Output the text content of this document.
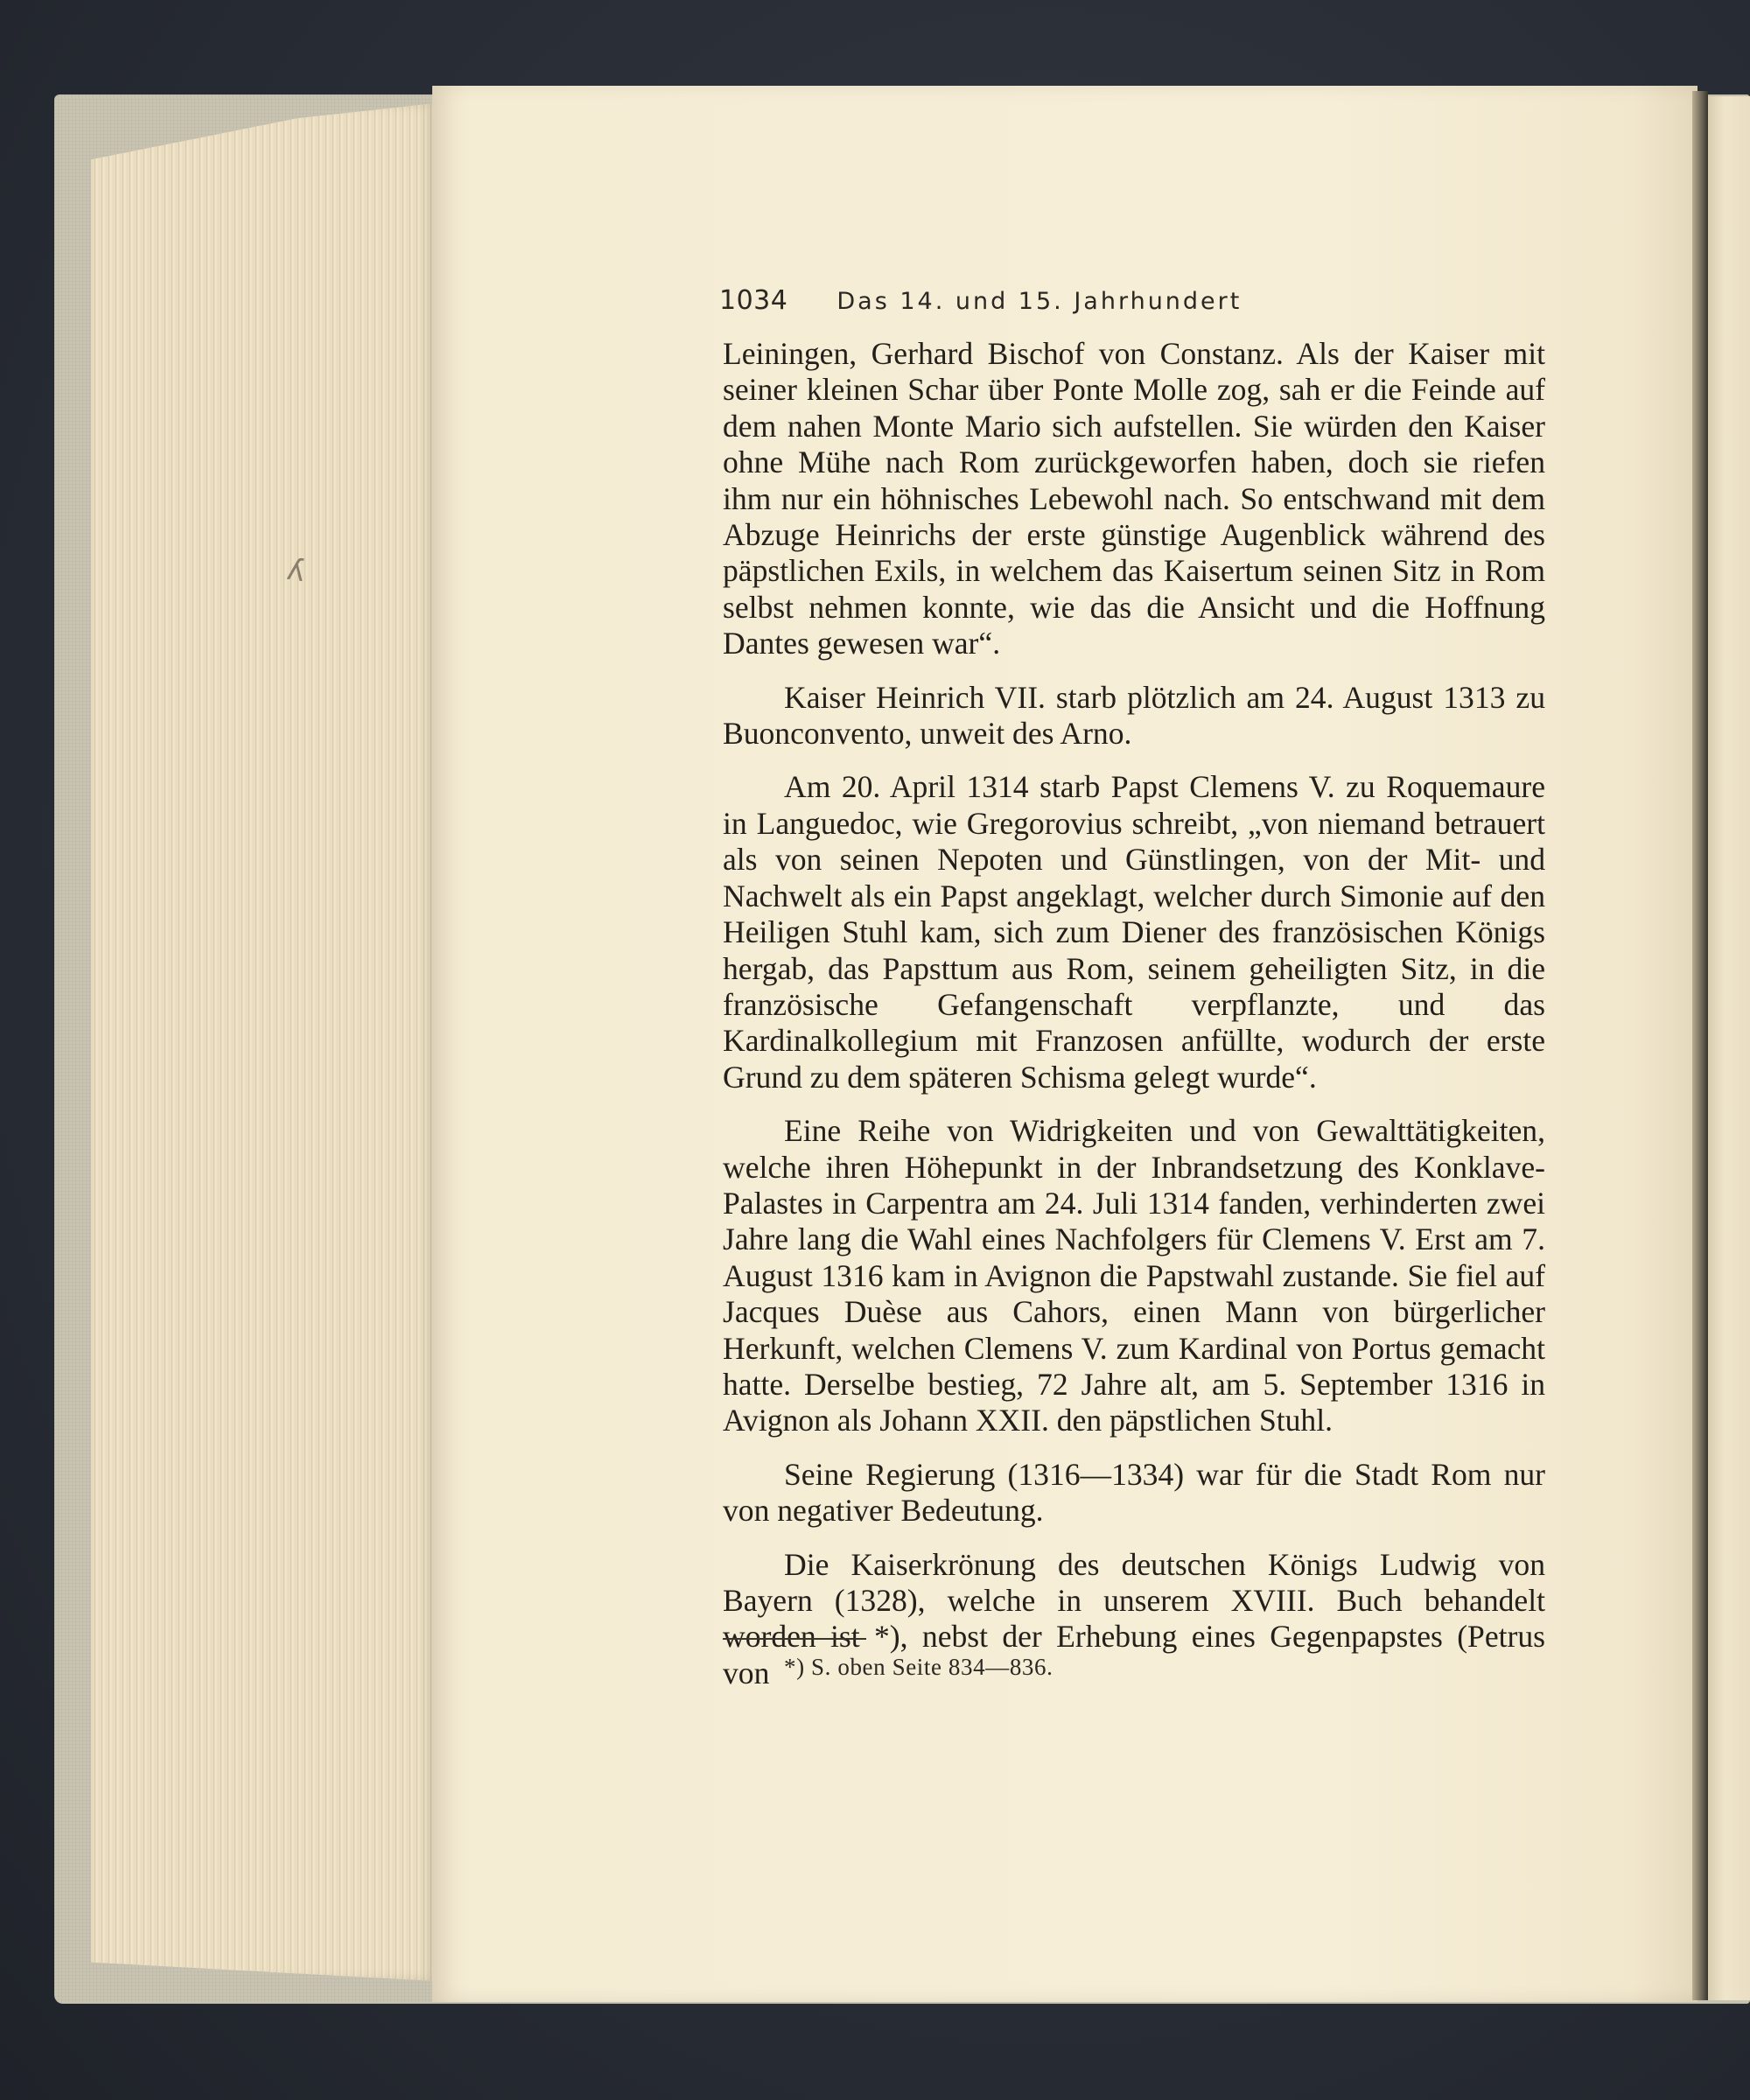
ʎ
1034 Das 14. und 15. Jahrhundert

Leiningen, Gerhard Bischof von Constanz. Als der Kaiser mit seiner kleinen Schar über Ponte Molle zog, sah er die Feinde auf dem nahen Monte Mario sich aufstellen. Sie würden den Kaiser ohne Mühe nach Rom zurückgeworfen haben, doch sie riefen ihm nur ein höhnisches Lebewohl nach. So entschwand mit dem Abzuge Heinrichs der erste günstige Augenblick während des päpstlichen Exils, in welchem das Kaisertum seinen Sitz in Rom selbst nehmen konnte, wie das die Ansicht und die Hoffnung Dantes gewesen war“.

Kaiser Heinrich VII. starb plötzlich am 24. August 1313 zu Buonconvento, unweit des Arno.

Am 20. April 1314 starb Papst Clemens V. zu Roquemaure in Languedoc, wie Gregorovius schreibt, „von niemand betrauert als von seinen Nepoten und Günstlingen, von der Mit- und Nachwelt als ein Papst angeklagt, welcher durch Simonie auf den Heiligen Stuhl kam, sich zum Diener des französischen Königs hergab, das Papsttum aus Rom, seinem geheiligten Sitz, in die französische Gefangenschaft verpflanzte, und das Kardinalkollegium mit Franzosen anfüllte, wodurch der erste Grund zu dem späteren Schisma gelegt wurde“.

Eine Reihe von Widrigkeiten und von Gewalttätigkeiten, welche ihren Höhepunkt in der Inbrandsetzung des Konklave-Palastes in Carpentra am 24. Juli 1314 fanden, verhinderten zwei Jahre lang die Wahl eines Nachfolgers für Clemens V. Erst am 7. August 1316 kam in Avignon die Papstwahl zustande. Sie fiel auf Jacques Duèse aus Cahors, einen Mann von bürgerlicher Herkunft, welchen Clemens V. zum Kardinal von Portus gemacht hatte. Derselbe bestieg, 72 Jahre alt, am 5. September 1316 in Avignon als Johann XXII. den päpstlichen Stuhl.

Seine Regierung (1316—1334) war für die Stadt Rom nur von negativer Bedeutung.

Die Kaiserkrönung des deutschen Königs Ludwig von Bayern (1328), welche in unserem XVIII. Buch behandelt worden ist *), nebst der Erhebung eines Gegenpapstes (Petrus von *) S. oben Seite 834—836.
